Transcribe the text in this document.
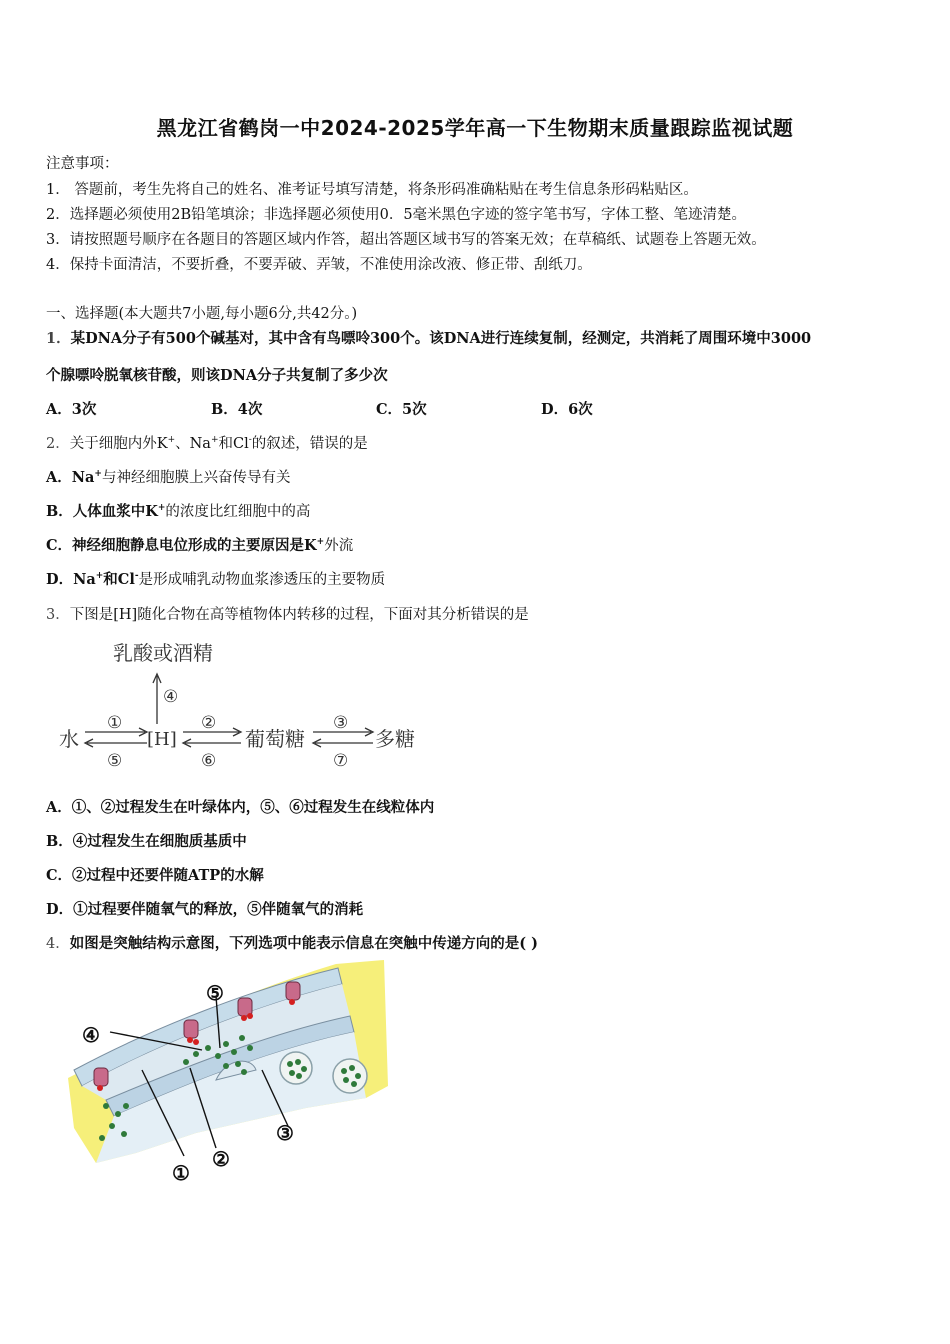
黑龙江省鹤岗一中2024-2025学年高一下生物期末质量跟踪监视试题
注意事项：
1． 答题前，考生先将自己的姓名、准考证号填写清楚，将条形码准确粘贴在考生信息条形码粘贴区。
2．选择题必须使用2B铅笔填涂；非选择题必须使用0．5毫米黑色字迹的签字笔书写，字体工整、笔迹清楚。
3．请按照题号顺序在各题目的答题区域内作答，超出答题区域书写的答案无效；在草稿纸、试题卷上答题无效。
4．保持卡面清洁，不要折叠，不要弄破、弄皱，不准使用涂改液、修正带、刮纸刀。
一、选择题(本大题共7小题,每小题6分,共42分。)
1．某DNA分子有500个碱基对，其中含有鸟嘌呤300个。该DNA进行连续复制，经测定，共消耗了周围环境中3000
个腺嘌呤脱氧核苷酸，则该DNA分子共复制了多少次
A．3次	B．4次	C．5次	D．6次
2．关于细胞内外K+、Na+和Cl-的叙述，错误的是
A．Na+与神经细胞膜上兴奋传导有关
B．人体血浆中K+的浓度比红细胞中的高
C．神经细胞静息电位形成的主要原因是K+外流
D．Na+和Cl-是形成哺乳动物血浆渗透压的主要物质
3．下图是[H]随化合物在高等植物体内转移的过程，下面对其分析错误的是
乳酸或酒精
④
水	[H]	葡萄糖	多糖
①
⑤
②
⑥
③
⑦
A．①、②过程发生在叶绿体内，⑤、⑥过程发生在线粒体内
B．④过程发生在细胞质基质中
C．②过程中还要伴随ATP的水解
D．①过程要伴随氧气的释放，⑤伴随氧气的消耗
4．如图是突触结构示意图，下列选项中能表示信息在突触中传递方向的是( )
④
⑤
①
②
③
